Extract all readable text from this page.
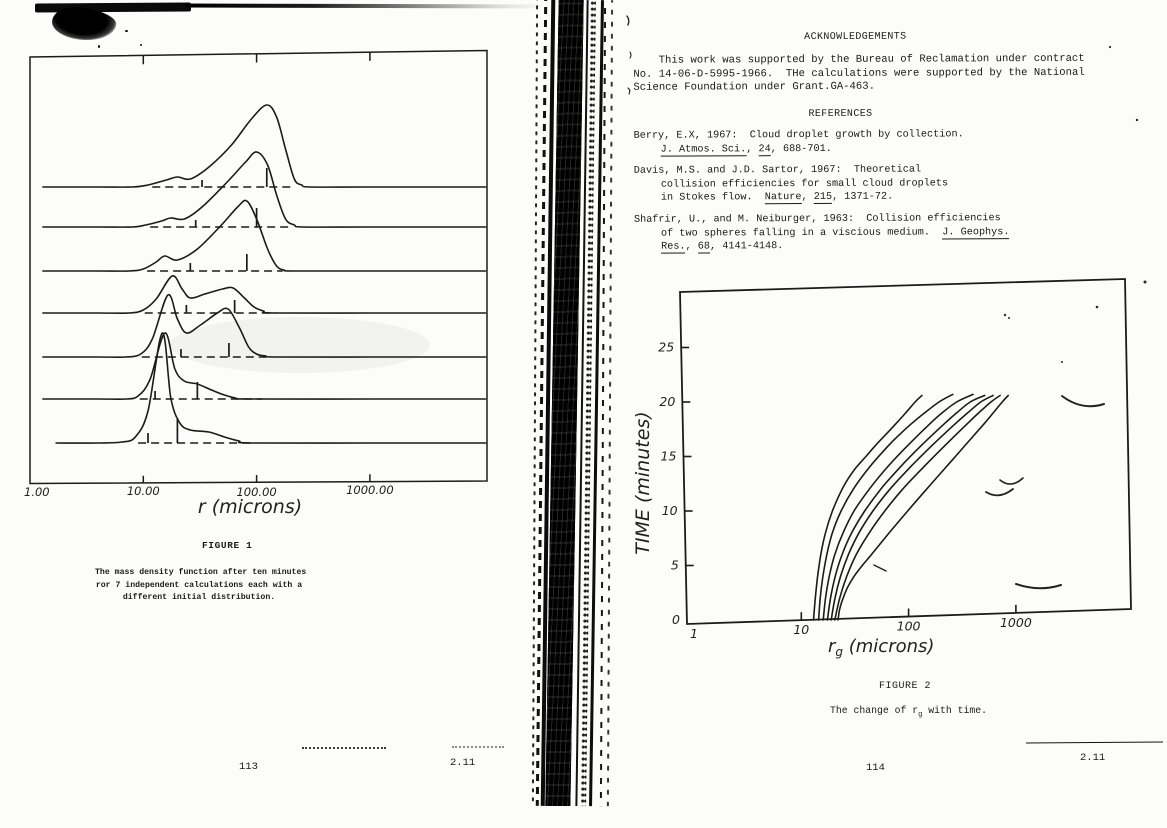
1.00	10.00	100.00	1000.00
r (microns)
0
5
10
15
20
25
1	10	100	1000
TIME (minutes)
$r_g$ (microns)
FIGURE 1
The mass density function after ten minutes
ror 7 independent calculations each with a
different initial distribution.
113	2.11
ACKNOWLEDGEMENTS
This work was supported by the Bureau of Reclamation under contract
No. 14-06-D-5995-1966.  THe calculations were supported by the National
Science Foundation under Grant.GA-463.
REFERENCES
Berry, E.X, 1967:  Cloud droplet growth by collection.
J. Atmos. Sci., 24, 688-701.
Davis, M.S. and J.D. Sartor, 1967:  Theoretical
collision efficiencies for small cloud droplets
in Stokes flow.  Nature, 215, 1371-72.
Shafrir, U., and M. Neiburger, 1963:  Collision efficiencies
of two spheres falling in a viscious medium.  J. Geophys.
Res., 68, 4141-4148.
FIGURE 2
The change of $r_g$ with time.
114
2.11
